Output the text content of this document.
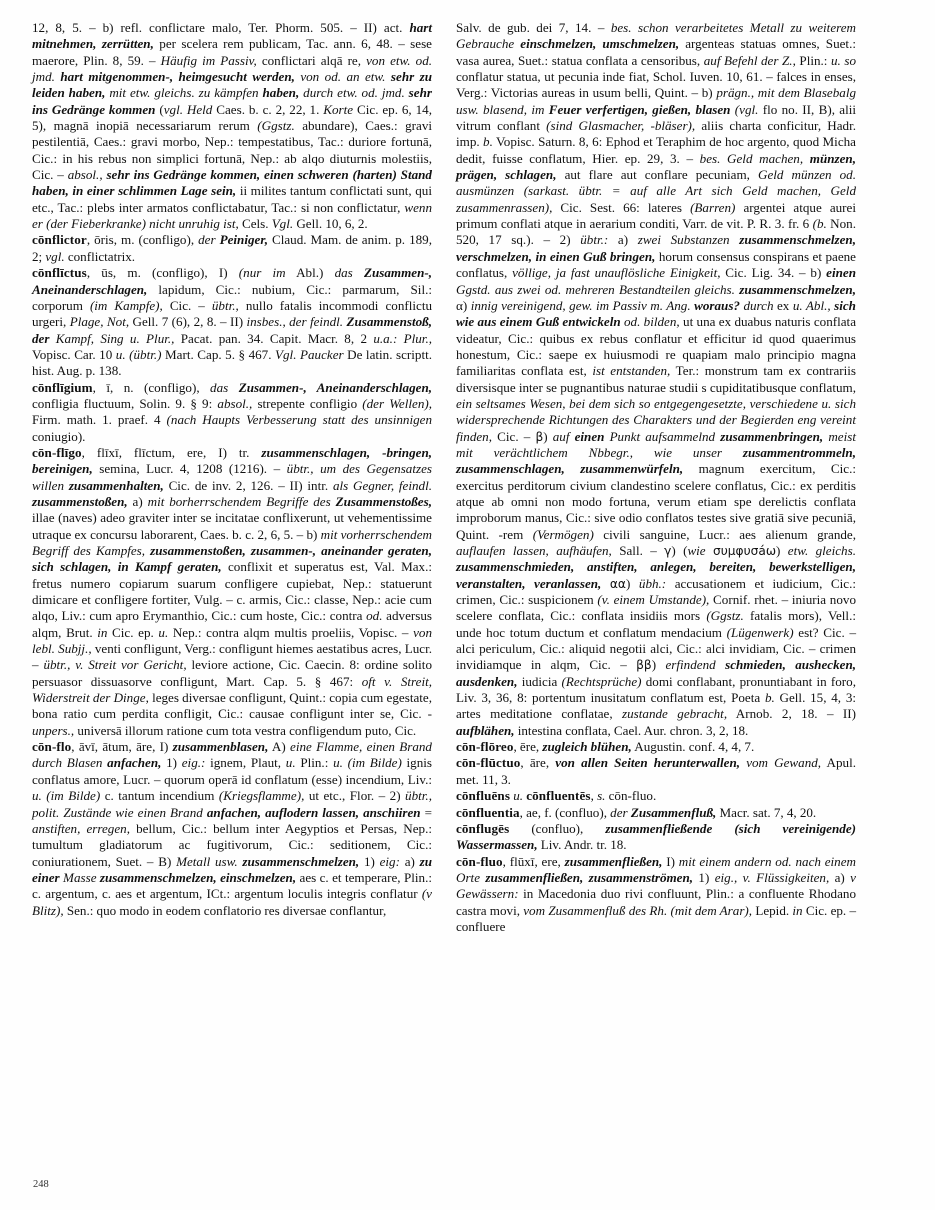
12, 8, 5. – b) refl. conflictare malo, Ter. Phorm. 505. – II) act. hart mitnehmen, zerrütten, per scelera rem publicam, Tac. ann. 6, 48. – sese maerore, Plin. 8, 59. – Häufig im Passiv, conflictari alqā re, von etw. od. jmd. hart mitgenommen-, heimgesucht werden, von od. an etw. sehr zu leiden haben, mit etw. gleichs. zu kämpfen haben, durch etw. od. jmd. sehr ins Gedränge kommen (vgl. Held Caes. b. c. 2, 22, 1. Korte Cic. ep. 6, 14, 5), magnā inopiā necessariarum rerum (Ggstz. abundare), Caes.: gravi pestilentiā, Caes.: gravi morbo, Nep.: tempestatibus, Tac.: duriore fortunā, Cic.: in his rebus non simplici fortunā, Nep.: ab alqo diuturnis molestiis, Cic. – absol., sehr ins Gedränge kommen, einen schweren (harten) Stand haben, in einer schlimmen Lage sein, ii milites tantum conflictati sunt, qui etc., Tac.: plebs inter armatos conflictabatur, Tac.: si non conflictatur, wenn er (der Fieberkranke) nicht unruhig ist, Cels. Vgl. Gell. 10, 6, 2.

cōnflictor, ōris, m. (confligo), der Peiniger, Claud. Mam. de anim. p. 189, 2; vgl. conflictatrix.

cōnflīctus, ūs, m. (confligo), I) (nur im Abl.) das Zusammen-, Aneinanderschlagen, lapidum, Cic.: nubium, Cic.: parmarum, Sil.: corporum (im Kampfe), Cic. – übtr., nullo fatalis incommodi conflictu urgeri, Plage, Not, Gell. 7 (6), 2, 8. – II) insbes., der feindl. Zusammenstoß, der Kampf, Sing u. Plur., Pacat. pan. 34. Capit. Macr. 8, 2 u.a.: Plur., Vopisc. Car. 10 u. (übtr.) Mart. Cap. 5. § 467. Vgl. Paucker De latin. scriptt. hist. Aug. p. 138.

cōnflīgium, ī, n. (confligo), das Zusammen-, Aneinanderschlagen, confligia fluctuum, Solin. 9. § 9: absol., strepente confligio (der Wellen), Firm. math. 1. praef. 4 (nach Haupts Verbesserung statt des unsinnigen coniugio).

cōn-flīgo, flīxī, flīctum, ere, I) tr. zusammenschlagen, -bringen, bereinigen, semina, Lucr. 4, 1208 (1216). – übtr., um des Gegensatzes willen zusammenhalten, Cic. de inv. 2, 126. – II) intr. als Gegner, feindl. zusammenstoßen, a) mit borherrschendem Begriffe des Zusammenstoßes, illae (naves) adeo graviter inter se incitatae conflixerunt, ut vehementissime utraque ex concursu laborarent, Caes. b. c. 2, 6, 5. – b) mit vorherrschendem Begriff des Kampfes, zusammenstoßen, zusammen-, aneinander geraten, sich schlagen, in Kampf geraten, conflixit et superatus est, Val. Max.: fretus numero copiarum suarum confligere cupiebat, Nep.: statuerunt dimicare et confligere fortiter, Vulg. – c. armis, Cic.: classe, Nep.: acie cum alqo, Liv.: cum apro Erymanthio, Cic.: cum hoste, Cic.: contra od. adversus alqm, Brut. in Cic. ep. u. Nep.: contra alqm multis proeliis, Vopisc. – von lebl. Subjj., venti confligunt, Verg.: confligunt hiemes aestatibus acres, Lucr. – übtr., v. Streit vor Gericht, leviore actione, Cic. Caecin. 8: ordine solito persuasor dissuasorve confligunt, Mart. Cap. 5. § 467: oft v. Streit, Widerstreit der Dinge, leges diversae confligunt, Quint.: copia cum egestate, bona ratio cum perdita confligit, Cic.: causae confligunt inter se, Cic. -unpers., universā illorum ratione cum tota vestra confligendum puto, Cic.

cōn-flo, āvī, ātum, āre, I) zusammenblasen, A) eine Flamme, einen Brand durch Blasen anfachen, 1) eig.: ignem, Plaut, u. Plin.: u. (im Bilde) ignis conflatus amore, Lucr. – quorum operā id conflatum (esse) incendium, Liv.: u. (im Bilde) c. tantum incendium (Kriegsflamme), ut etc., Flor. – 2) übtr., polit. Zustände wie einen Brand anfachen, auflodern lassen, anschiiren = anstiften, erregen, bellum, Cic.: bellum inter Aegyptios et Persas, Nep.: tumultum gladiatorum ac fugitivorum, Cic.: seditionem, Cic.: coniurationem, Suet. – B) Metall usw. zusammenschmelzen, 1) eig: a) zu einer Masse zusammenschmelzen, einschmelzen, aes c. et temperare, Plin.: c. argentum, c. aes et argentum, ICt.: argentum loculis integris conflatur (v Blitz), Sen.: quo modo in eodem conflatorio res diversae conflantur,

Salv. de gub. dei 7, 14. – bes. schon verarbeitetes Metall zu weiterem Gebrauche einschmelzen, umschmelzen, argenteas statuas omnes, Suet.: vasa aurea, Suet.: statua conflata a censoribus, auf Befehl der Z., Plin.: u. so conflatur statua, ut pecunia inde fiat, Schol. Iuven. 10, 61. – falces in enses, Verg.: Victorias aureas in usum belli, Quint. – b) prägn., mit dem Blasebalg usw. blasend, im Feuer verfertigen, gießen, blasen (vgl. flo no. II, B), alii vitrum conflant (sind Glasmacher, -bläser), aliis charta conficitur, Hadr. imp. b. Vopisc. Saturn. 8, 6: Ephod et Teraphim de hoc argento, quod Micha dedit, fuisse conflatum, Hier. ep. 29, 3. – bes. Geld machen, münzen, prägen, schlagen, aut flare aut conflare pecuniam, Geld münzen od. ausmünzen (sarkast. übtr. = auf alle Art sich Geld machen, Geld zusammenrassen), Cic. Sest. 66: lateres (Barren) argentei atque aurei primum conflati atque in aerarium conditi, Varr. de vit. P. R. 3. fr. 6 (b. Non. 520, 17 sq.). – 2) übtr.: a) zwei Substanzen zusammenschmelzen, verschmelzen, in einen Guß bringen, horum consensus conspirans et paene conflatus, völlige, ja fast unauflösliche Einigkeit, Cic. Lig. 34. – b) einen Ggstd. aus zwei od. mehreren Bestandteilen gleichs. zusammenschmelzen, α) innig vereinigend, gew. im Passiv m. Ang. woraus? durch ex u. Abl., sich wie aus einem Guß entwickeln od. bilden, ut una ex duabus naturis conflata videatur, Cic.: quibus ex rebus conflatur et efficitur id quod quaerimus honestum, Cic.: saepe ex huiusmodi re quapiam malo principio magna familiaritas conflata est, ist entstanden, Ter.: monstrum tam ex contrariis diversisque inter se pugnantibus naturae studii s cupiditatibusque conflatum, ein seltsames Wesen, bei dem sich so entgegengesetzte, verschiedene u. sich widersprechende Richtungen des Charakters und der Begierden eng vereint finden, Cic. – β) auf einen Punkt aufsammelnd zusammenbringen, meist mit verächtlichem Nbbegr., wie unser zusammentrommeln, zusammenschlagen, zusammenwürfeln, magnum exercitum, Cic.: exercitus perditorum civium clandestino scelere conflatus, Cic.: ex perditis atque ab omni non modo fortuna, verum etiam spe derelictis conflata improborum manus, Cic.: sive odio conflatos testes sive gratiā sive pecuniā, Quint. -rem (Vermögen) civili sanguine, Lucr.: aes alienum grande, auflaufen lassen, aufhäufen, Sall. – γ) (wie συμφυσáω) etw. gleichs. zusammenschmieden, anstiften, anlegen, bereiten, bewerkstelligen, veranstalten, veranlassen, αα) übh.: accusationem et iudicium, Cic.: crimen, Cic.: suspicionem (v. einem Umstande), Cornif. rhet. – iniuria novo scelere conflata, Cic.: conflata insidiis mors (Ggstz. fatalis mors), Vell.: unde hoc totum ductum et conflatum mendacium (Lügenwerk) est? Cic. – alci periculum, Cic.: aliquid negotii alci, Cic.: alci invidiam, Cic. – crimen invidiamque in alqm, Cic. – ββ) erfindend schmieden, aushecken, ausdenken, iudicia (Rechtsprüche) domi conflabant, pronuntiabant in foro, Liv. 3, 36, 8: portentum inusitatum conflatum est, Poeta b. Gell. 15, 4, 3: artes meditatione conflatae, zustande gebracht, Arnob. 2, 18. – II) aufblähen, intestina conflata, Cael. Aur. chron. 3, 2, 18.

cōn-flōreo, ēre, zugleich blühen, Augustin. conf. 4, 4, 7.

cōn-flūctuo, āre, von allen Seiten herunterwallen, vom Gewand, Apul. met. 11, 3.

cōnfluēns u. cōnfluentēs, s. cōn-fluo.

cōnfluentia, ae, f. (confluo), der Zusammenfluß, Macr. sat. 7, 4, 20.

cōnflugēs (confluo), zusammenfließende (sich vereinigende) Wassermassen, Liv. Andr. tr. 18.

cōn-fluo, flūxī, ere, zusammenfließen, I) mit einem andern od. nach einem Orte zusammenfließen, zusammenströmen, 1) eig., v. Flüssigkeiten, a) v Gewässern: in Macedonia duo rivi confluunt, Plin.: a confluente Rhodano castra movi, vom Zusammenfluß des Rh. (mit dem Arar), Lepid. in Cic. ep. – confluere

248
